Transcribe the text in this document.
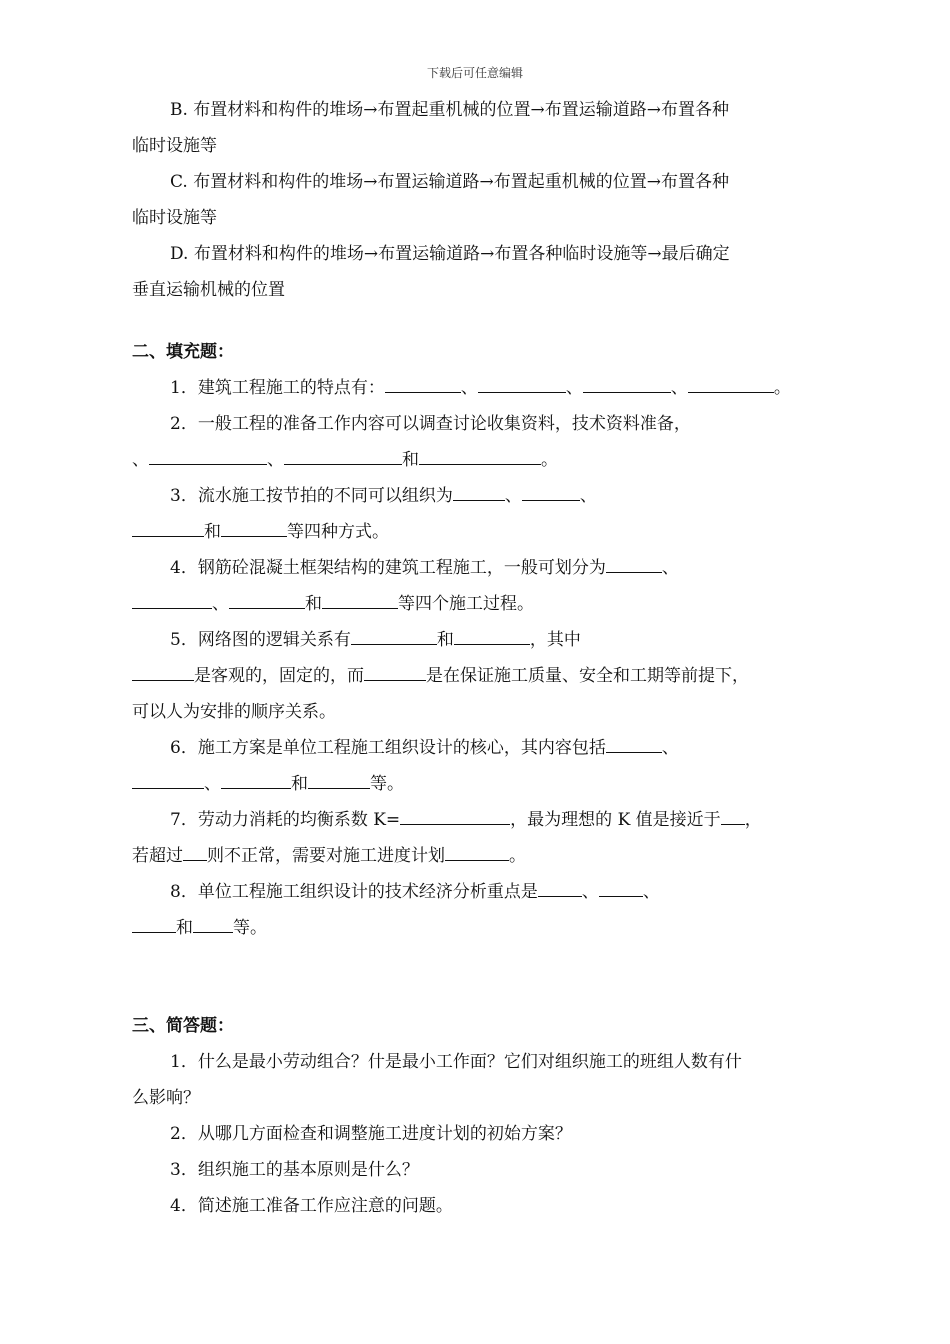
下载后可任意编辑

B. 布置材料和构件的堆场→布置起重机械的位置→布置运输道路→布置各种

临时设施等

C. 布置材料和构件的堆场→布置运输道路→布置起重机械的位置→布置各种

临时设施等

D. 布置材料和构件的堆场→布置运输道路→布置各种临时设施等→最后确定

垂直运输机械的位置

二、填充题：

1．建筑工程施工的特点有：	、	、	、	。

2．一般工程的准备工作内容可以调查讨论收集资料，技术资料准备，

、	、	和	。

3．流水施工按节拍的不同可以组织为	、	、

和	等四种方式。

4．钢筋砼混凝土框架结构的建筑工程施工，一般可划分为	、

、	和	等四个施工过程。

5．网络图的逻辑关系有	和	，其中

是客观的，固定的，而	是在保证施工质量、安全和工期等前提下，

可以人为安排的顺序关系。

6．施工方案是单位工程施工组织设计的核心，其内容包括	、

、	和	等。

7．劳动力消耗的均衡系数 K=	，最为理想的 K 值是接近于 ，

若超过 则不正常，需要对施工进度计划	。

8．单位工程施工组织设计的技术经济分析重点是	、	、

和 等。

三、简答题：

1．什么是最小劳动组合？什是最小工作面？它们对组织施工的班组人数有什

么影响？

2．从哪几方面检查和调整施工进度计划的初始方案？

3．组织施工的基本原则是什么？

4．简述施工准备工作应注意的问题。
